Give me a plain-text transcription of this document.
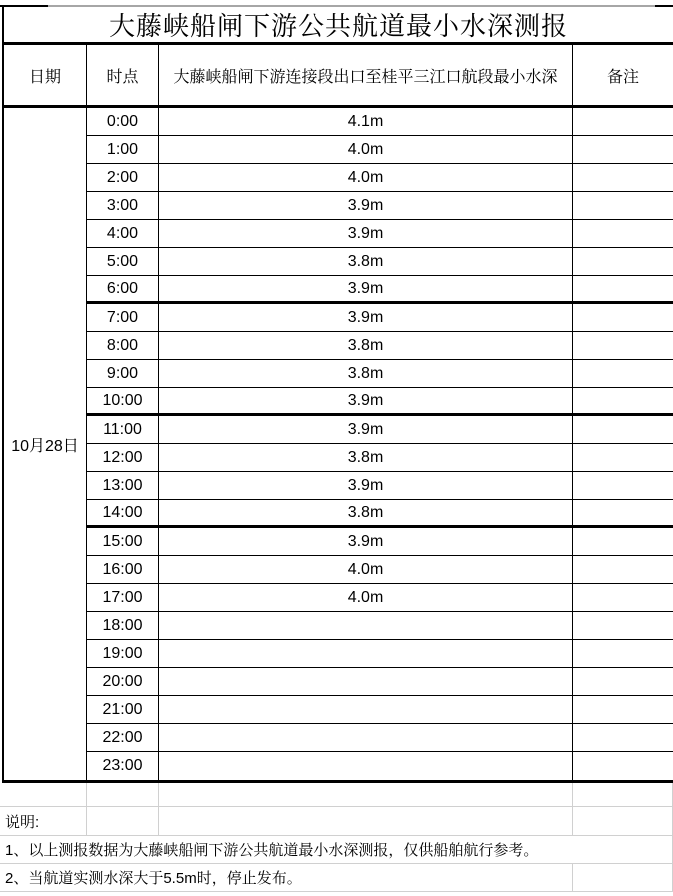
大藤峡船闸下游公共航道最小水深测报
日期	时点	大藤峡船闸下游连接段出口至桂平三江口航段最小水深	备注
10月28日
0:00	4.1m
1:00	4.0m
2:00	4.0m
3:00	3.9m
4:00	3.9m
5:00	3.8m
6:00	3.9m
7:00	3.9m
8:00	3.8m
9:00	3.8m
10:00	3.9m
11:00	3.9m
12:00	3.8m
13:00	3.9m
14:00	3.8m
15:00	3.9m
16:00	4.0m
17:00	4.0m
18:00
19:00
20:00
21:00
22:00
23:00
说明:
1、以上测报数据为大藤峡船闸下游公共航道最小水深测报，仅供船舶航行参考。
2、当航道实测水深大于5.5m时，停止发布。
